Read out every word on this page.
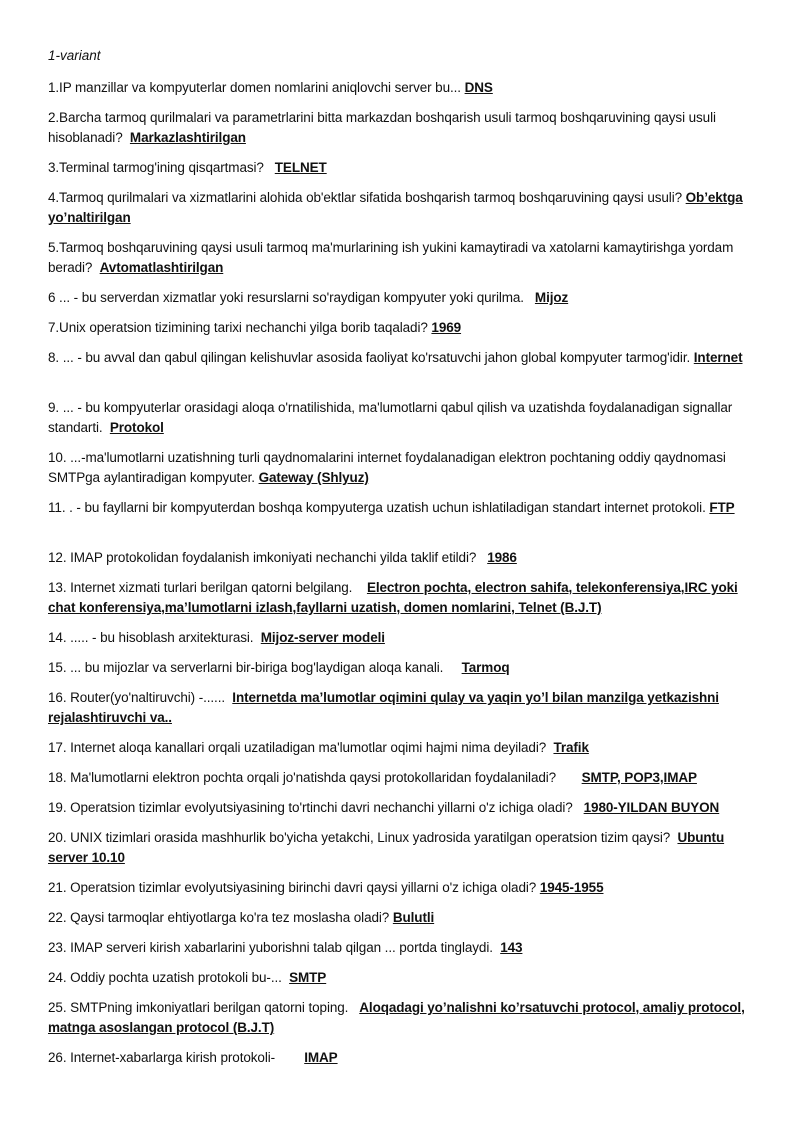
1-variant

1.IP manzillar va kompyuterlar domen nomlarini aniqlovchi server bu... DNS

2.Barcha tarmoq qurilmalari va parametrlarini bitta markazdan boshqarish usuli tarmoq boshqaruvining qaysi usuli hisoblanadi?  Markazlashtirilgan

3.Terminal tarmog'ining qisqartmasi?   TELNET

4.Tarmoq qurilmalari va xizmatlarini alohida ob'ektlar sifatida boshqarish tarmoq boshqaruvining qaysi usuli? Ob’ektga yo’naltirilgan

5.Tarmoq boshqaruvining qaysi usuli tarmoq ma'murlarining ish yukini kamaytiradi va xatolarni kamaytirishga yordam beradi?  Avtomatlashtirilgan

6 ... - bu serverdan xizmatlar yoki resurslarni so'raydigan kompyuter yoki qurilma.   Mijoz

7.Unix operatsion tizimining tarixi nechanchi yilga borib taqaladi? 1969

8. ... - bu avval dan qabul qilingan kelishuvlar asosida faoliyat ko'rsatuvchi jahon global kompyuter tarmog'idir. Internet

9. ... - bu kompyuterlar orasidagi aloqa o'rnatilishida, ma'lumotlarni qabul qilish va uzatishda foydalanadigan signallar standarti.  Protokol

10. ...-ma'lumotlarni uzatishning turli qaydnomalarini internet foydalanadigan elektron pochtaning oddiy qaydnomasi SMTPga aylantiradigan kompyuter. Gateway (Shlyuz)

11. . - bu fayllarni bir kompyuterdan boshqa kompyuterga uzatish uchun ishlatiladigan standart internet protokoli. FTP

12. IMAP protokolidan foydalanish imkoniyati nechanchi yilda taklif etildi?   1986

13. Internet xizmati turlari berilgan qatorni belgilang.    Electron pochta, electron sahifa, telekonferensiya,IRC yoki chat konferensiya,ma’lumotlarni izlash,fayllarni uzatish, domen nomlarini, Telnet (B.J.T)

14. ..... - bu hisoblash arxitekturasi.  Mijoz-server modeli

15. ... bu mijozlar va serverlarni bir-biriga bog'laydigan aloqa kanali.     Tarmoq

16. Router(yo'naltiruvchi) -......  Internetda ma’lumotlar oqimini qulay va yaqin yo’l bilan manzilga yetkazishni rejalashtiruvchi va..

17. Internet aloqa kanallari orqali uzatiladigan ma'lumotlar oqimi hajmi nima deyiladi?  Trafik

18. Ma'lumotlarni elektron pochta orqali jo'natishda qaysi protokollaridan foydalaniladi?       SMTP, POP3,IMAP

19. Operatsion tizimlar evolyutsiyasining to'rtinchi davri nechanchi yillarni o'z ichiga oladi?   1980-YILDAN BUYON

20. UNIX tizimlari orasida mashhurlik bo'yicha yetakchi, Linux yadrosida yaratilgan operatsion tizim qaysi?  Ubuntu server 10.10

21. Operatsion tizimlar evolyutsiyasining birinchi davri qaysi yillarni o'z ichiga oladi? 1945-1955

22. Qaysi tarmoqlar ehtiyotlarga ko'ra tez moslasha oladi? Bulutli

23. IMAP serveri kirish xabarlarini yuborishni talab qilgan ... portda tinglaydi.  143

24. Oddiy pochta uzatish protokoli bu-...  SMTP

25. SMTPning imkoniyatlari berilgan qatorni toping.   Aloqadagi yo’nalishni ko’rsatuvchi protocol, amaliy protocol, matnga asoslangan protocol (B.J.T)

26. Internet-xabarlarga kirish protokoli-        IMAP
